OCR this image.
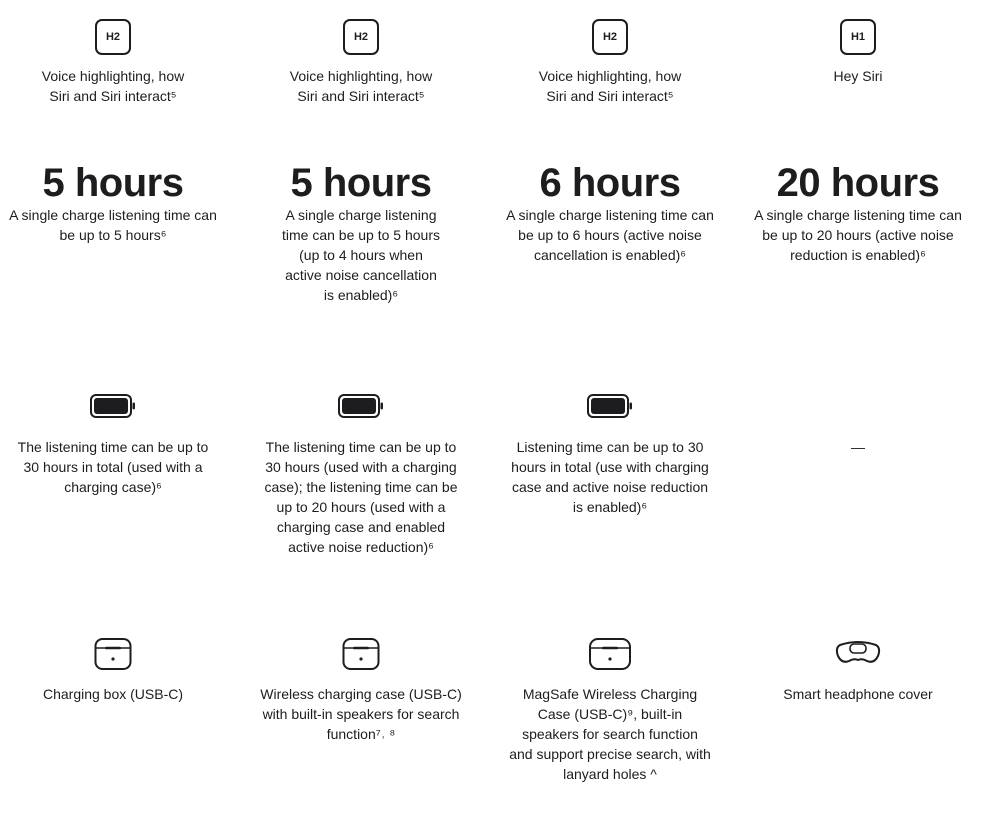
H2
Voice highlighting, how Siri and Siri interact⁵
5 hours
A single charge listening time can be up to 5 hours⁶
The listening time can be up to 30 hours in total (used with a charging case)⁶
Charging box (USB-C)
H2
Voice highlighting, how Siri and Siri interact⁵
5 hours
A single charge listening time can be up to 5 hours (up to 4 hours when active noise cancellation is enabled)⁶
The listening time can be up to 30 hours (used with a charging case); the listening time can be up to 20 hours (used with a charging case and enabled active noise reduction)⁶
Wireless charging case (USB-C) with built-in speakers for search function⁷˒ ⁸
H2
Voice highlighting, how Siri and Siri interact⁵
6 hours
A single charge listening time can be up to 6 hours (active noise cancellation is enabled)⁶
Listening time can be up to 30 hours in total (use with charging case and active noise reduction is enabled)⁶
MagSafe Wireless Charging Case (USB-C)⁹, built-in speakers for search function and support precise search, with lanyard holes ^
H1
Hey Siri
20 hours
A single charge listening time can be up to 20 hours (active noise reduction is enabled)⁶
—
Smart headphone cover
